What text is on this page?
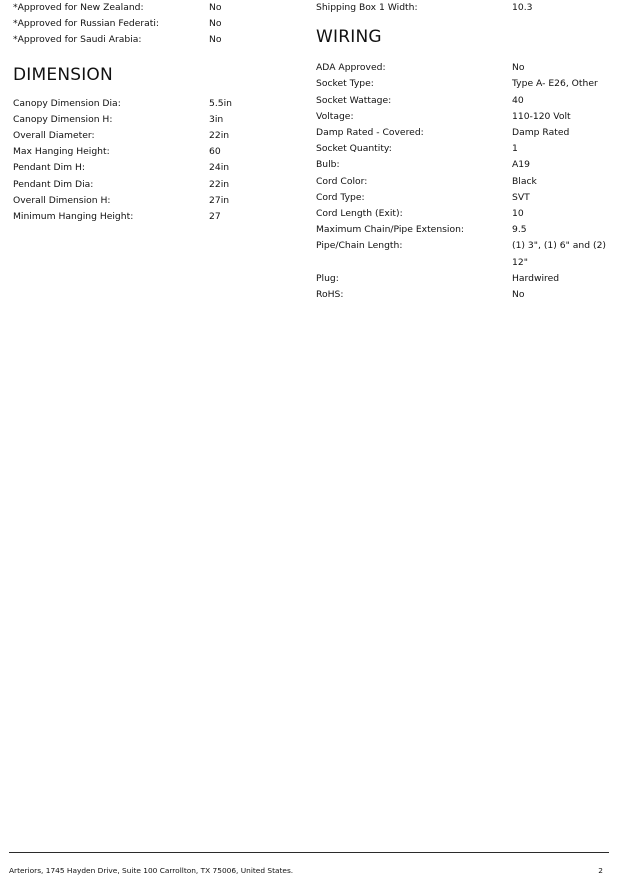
*Approved for New Zealand:	No
*Approved for Russian Federati:	No
*Approved for Saudi Arabia:	No
DIMENSION
Canopy Dimension Dia:	5.5in
Canopy Dimension H:	3in
Overall Diameter:	22in
Max Hanging Height:	60
Pendant Dim H:	24in
Pendant Dim Dia:	22in
Overall Dimension H:	27in
Minimum Hanging Height:	27
Shipping Box 1 Width:	10.3
WIRING
ADA Approved:	No
Socket Type:	Type A- E26, Other
Socket Wattage:	40
Voltage:	110-120 Volt
Damp Rated - Covered:	Damp Rated
Socket Quantity:	1
Bulb:	A19
Cord Color:	Black
Cord Type:	SVT
Cord Length (Exit):	10
Maximum Chain/Pipe Extension:	9.5
Pipe/Chain Length:	(1) 3", (1) 6" and (2) 12"
Plug:	Hardwired
RoHS:	No
Arteriors, 1745 Hayden Drive, Suite 100 Carrollton, TX 75006, United States.	2
